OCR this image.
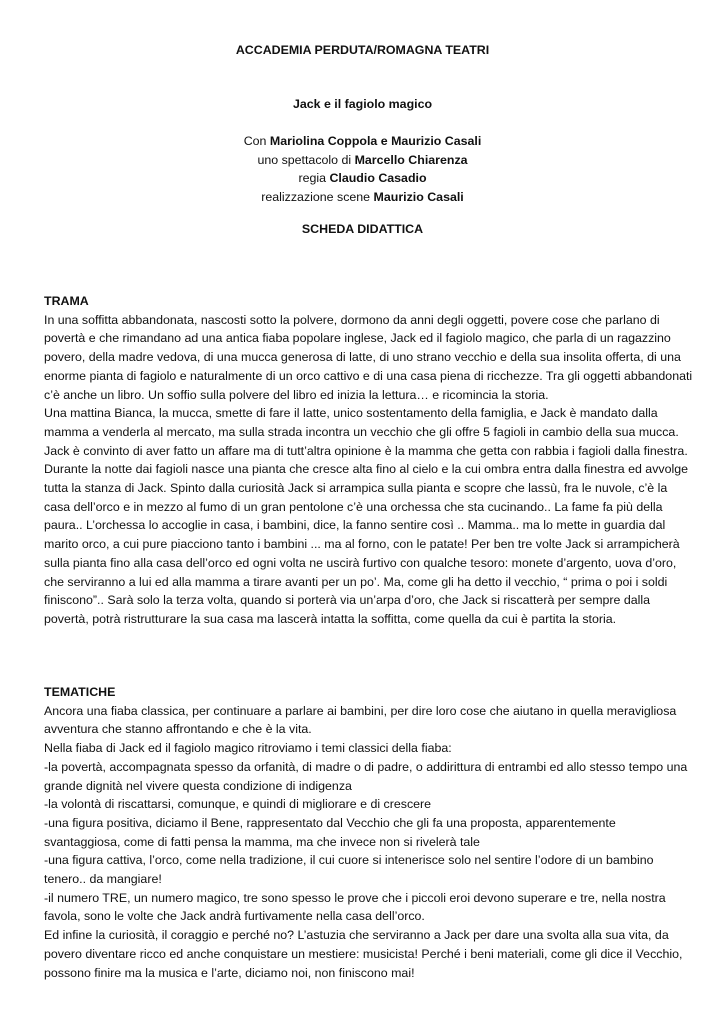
ACCADEMIA PERDUTA/ROMAGNA TEATRI
Jack e il fagiolo magico
Con Mariolina Coppola e Maurizio Casali
uno spettacolo di Marcello Chiarenza
regia Claudio Casadio
realizzazione scene Maurizio Casali
SCHEDA DIDATTICA
TRAMA

In una soffitta abbandonata, nascosti sotto la polvere, dormono da anni degli oggetti, povere cose che parlano di povertà e che rimandano ad una antica fiaba popolare inglese, Jack ed il fagiolo magico, che parla di un ragazzino povero, della madre vedova, di una mucca generosa di latte, di uno strano vecchio e della sua insolita offerta, di una enorme pianta di fagiolo e naturalmente di un orco cattivo e di una casa piena di ricchezze. Tra gli oggetti abbandonati c’è anche un libro. Un soffio sulla polvere del libro ed inizia la lettura… e ricomincia la storia.

Una mattina Bianca, la mucca, smette di fare il latte, unico sostentamento della famiglia, e Jack è mandato dalla mamma a venderla al mercato, ma sulla strada incontra un vecchio che gli offre 5 fagioli in cambio della sua mucca. Jack è convinto di aver fatto un affare ma di tutt’altra opinione è la mamma che getta con rabbia i fagioli dalla finestra. Durante la notte dai fagioli nasce una pianta che cresce alta fino al cielo e la cui ombra entra dalla finestra ed avvolge tutta la stanza di Jack. Spinto dalla curiosità Jack si arrampica sulla pianta e scopre che lassù, fra le nuvole, c’è la casa dell’orco e in mezzo al fumo di un gran pentolone c’è una orchessa che sta cucinando.. La fame fa più della paura.. L’orchessa lo accoglie in casa, i bambini, dice, la fanno sentire così .. Mamma.. ma lo mette in guardia dal marito orco, a cui pure piacciono tanto i bambini ... ma al forno, con le patate! Per ben tre volte Jack si arrampicherà sulla pianta fino alla casa dell’orco ed ogni volta ne uscirà furtivo con qualche tesoro: monete d’argento, uova d’oro, che serviranno a lui ed alla mamma a tirare avanti per un po’. Ma, come gli ha detto il vecchio, “ prima o poi i soldi finiscono”.. Sarà solo la terza volta, quando si porterà via un’arpa d’oro, che Jack si riscatterà per sempre dalla povertà, potrà ristrutturare la sua casa ma lascerà intatta la soffitta, come quella da cui è partita la storia.

TEMATICHE

Ancora una fiaba classica, per continuare a parlare ai bambini, per dire loro cose che aiutano in quella meravigliosa avventura che stanno affrontando e che è la vita.

Nella fiaba di Jack ed il fagiolo magico ritroviamo i temi classici della fiaba:

-la povertà, accompagnata spesso da orfanità, di madre o di padre, o addirittura di entrambi ed allo stesso tempo una grande dignità nel vivere questa condizione di indigenza

-la volontà di riscattarsi, comunque, e quindi di migliorare e di crescere

-una figura positiva, diciamo il Bene, rappresentato dal Vecchio che gli fa una proposta, apparentemente svantaggiosa, come di fatti pensa la mamma, ma che invece non si rivelerà tale

-una figura cattiva, l’orco, come nella tradizione, il cui cuore si intenerisce solo nel sentire l’odore di un bambino tenero.. da mangiare!

-il numero TRE, un numero magico, tre sono spesso le prove che i piccoli eroi devono superare e tre, nella nostra favola, sono le volte che Jack andrà furtivamente nella casa dell’orco.

Ed infine la curiosità, il coraggio e perché no? L’astuzia che serviranno a Jack per dare una svolta alla sua vita, da povero diventare ricco ed anche conquistare un mestiere: musicista! Perché i beni materiali, come gli dice il Vecchio, possono finire ma la musica e l’arte, diciamo noi, non finiscono mai!
